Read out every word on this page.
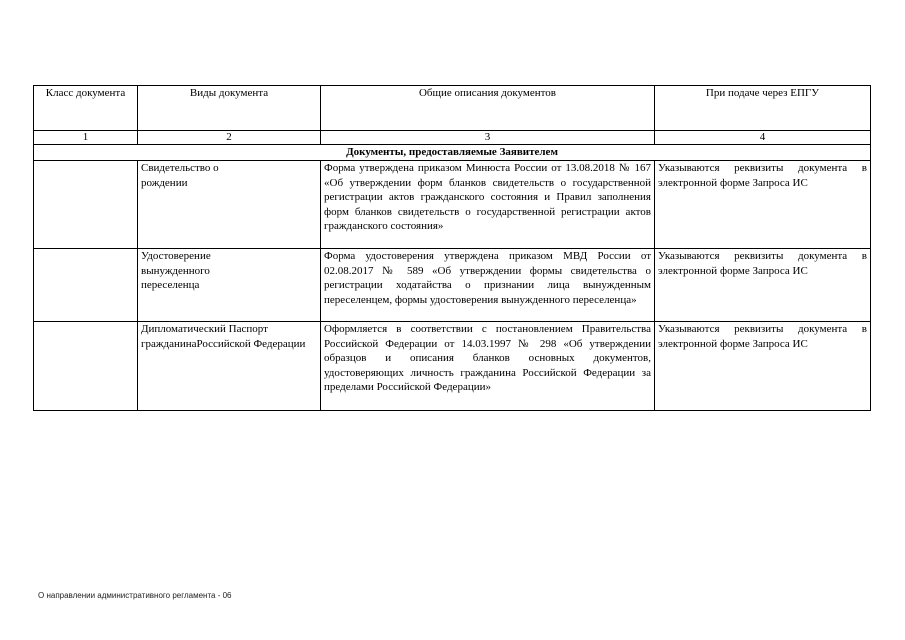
Класс документа	Виды документа	Общие описания документов	При подаче через ЕПГУ
1	2	3	4
Документы, предоставляемые Заявителем			
	Свидетельство о рождении	Форма утверждена приказом Минюста России от 13.08.2018 № 167 «Об утверждении форм бланков свидетельств о государственной регистрации актов гражданского состояния и Правил заполнения форм бланков свидетельств о государственной регистрации актов гражданского состояния»	Указываются реквизиты документа в электронной форме Запроса ИС
	Удостоверение вынужденного переселенца	Форма удостоверения утверждена приказом МВД России от 02.08.2017 № 589 «Об утверждении формы свидетельства о регистрации ходатайства о признании лица вынужденным переселенцем, формы удостоверения вынужденного переселенца»	Указываются реквизиты документа в электронной форме Запроса ИС
	Дипломатический Паспорт гражданинаРоссийской Федерации	Оформляется в соответствии с постановлением Правительства Российской Федерации от 14.03.1997 № 298 «Об утверждении образцов и описания бланков основных документов, удостоверяющих личность гражданина Российской Федерации за пределами Российской Федерации»	Указываются реквизиты документа в электронной форме Запроса ИС
О направлении административного регламента - 06
